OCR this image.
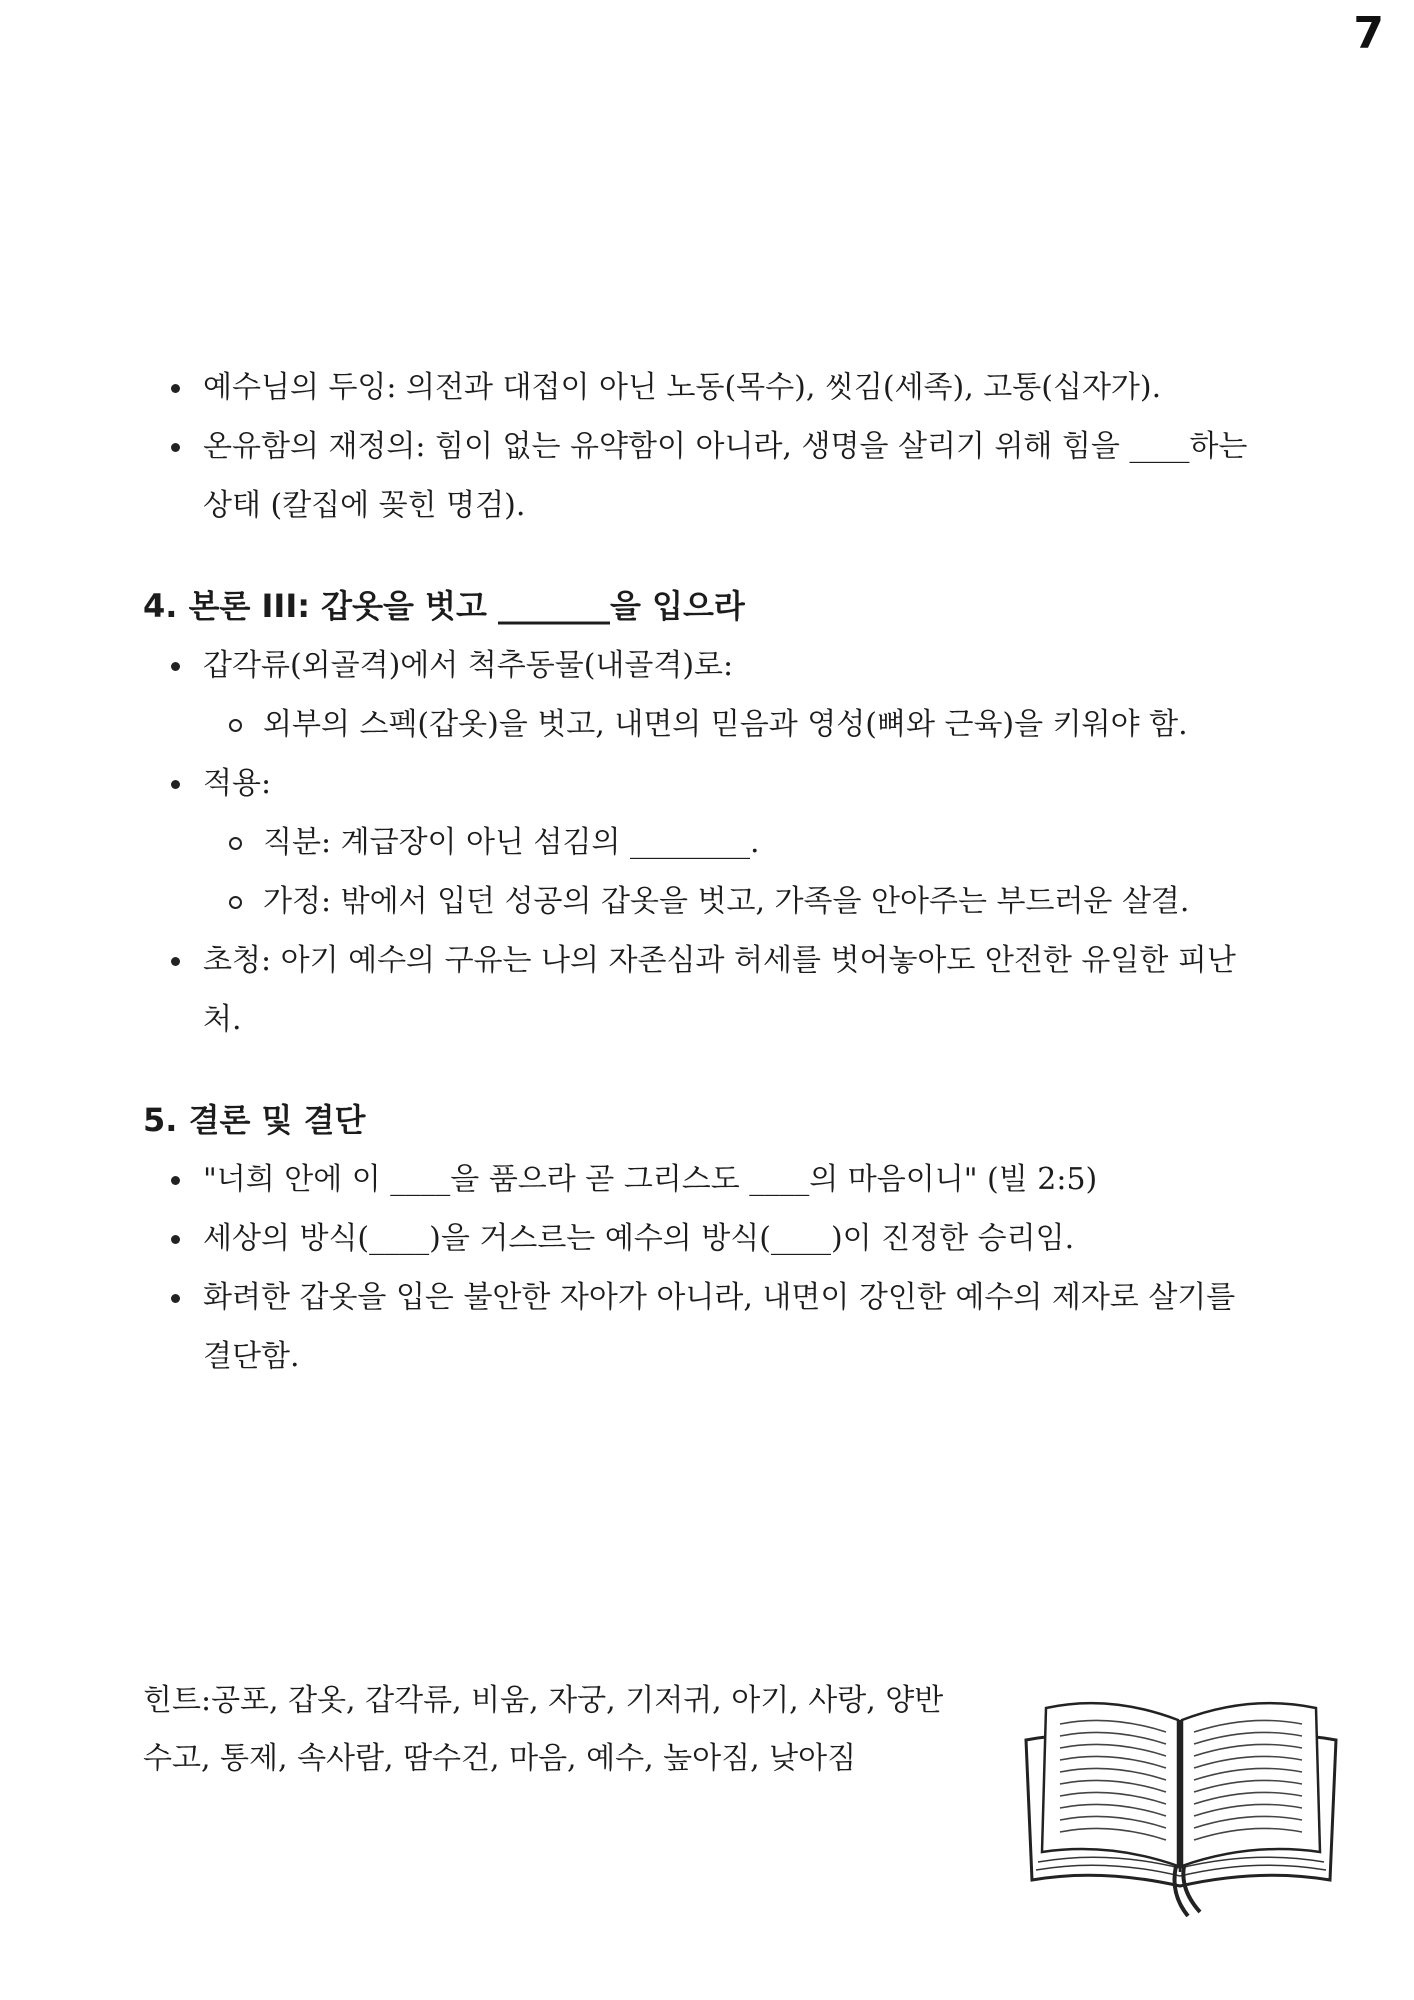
7
예수님의 두잉: 의전과 대접이 아닌 노동(목수), 씻김(세족), 고통(십자가).
온유함의 재정의: 힘이 없는 유약함이 아니라, 생명을 살리기 위해 힘을 ____하는 상태 (칼집에 꽂힌 명검).
4. 본론 III: 갑옷을 벗고 _______을 입으라
갑각류(외골격)에서 척추동물(내골격)로:
외부의 스펙(갑옷)을 벗고, 내면의 믿음과 영성(뼈와 근육)을 키워야 함.
적용:
직분: 계급장이 아닌 섬김의 ________.
가정: 밖에서 입던 성공의 갑옷을 벗고, 가족을 안아주는 부드러운 살결.
초청: 아기 예수의 구유는 나의 자존심과 허세를 벗어놓아도 안전한 유일한 피난처.
5. 결론 및 결단
"너희 안에 이 ____을 품으라 곧 그리스도 ____의 마음이니" (빌 2:5)
세상의 방식(____)을 거스르는 예수의 방식(____)이 진정한 승리임.
화려한 갑옷을 입은 불안한 자아가 아니라, 내면이 강인한 예수의 제자로 살기를 결단함.

힌트:공포, 갑옷, 갑각류, 비움, 자궁, 기저귀, 아기, 사랑, 양반

수고, 통제, 속사람, 땀수건, 마음, 예수, 높아짐, 낮아짐
